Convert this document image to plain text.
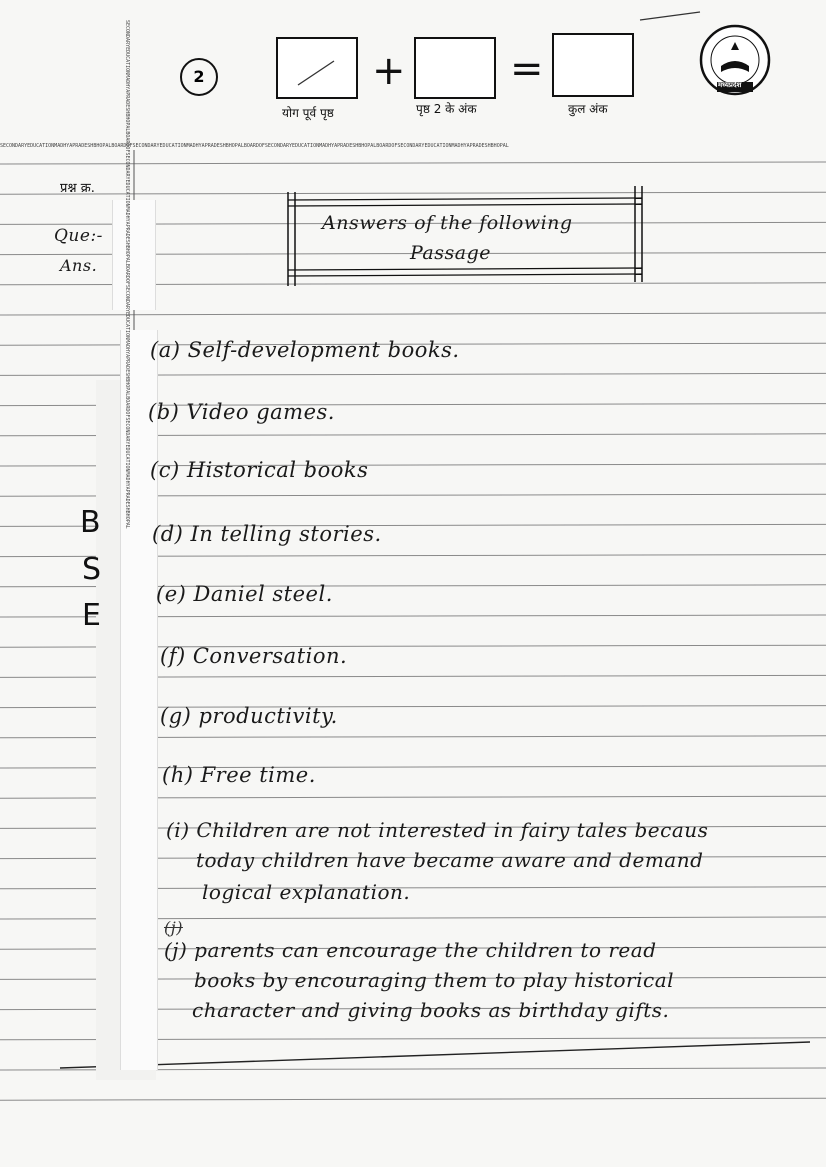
2	+	=
योग पूर्व पृष्ठ	पृष्ठ 2 के अंक	कुल अंक
मध्यप्रदेश
SECONDARYEDUCATIONMADHYAPRADESHBHOPALBOARDOFSECONDARYEDUCATIONMADHYAPRADESHBHOPALBOARDOFSECONDARYEDUCATIONMADHYAPRADESHBHOPALBOARDOFSECONDARYEDUCATIONMADHYAPRADESHBHOPAL
SECONDARYEDUCATIONMADHYAPRADESHBHOPALBOARDOFSECONDARYEDUCATIONMADHYAPRADESHBHOPALBOARDOFSECONDARYEDUCATIONMADHYAPRADESHBHOPALBOARDOFSECONDARYEDUCATIONMADHYAPRADESHBHOPAL
प्रश्न क्र.
Que:-
Ans.
B
S
E
Answers of the following
Passage
(a) Self-development books.
(b) Video games.
(c) Historical books
(d) In telling stories.
(e) Daniel steel.
(f) Conversation.
(g) productivity.
(h) Free time.
(i) Children are not interested in fairy tales becaus
today children have became aware and demand
logical explanation.
(j)
(j) parents can encourage the children to read
books by encouraging them to play historical
character and giving books as birthday gifts.
